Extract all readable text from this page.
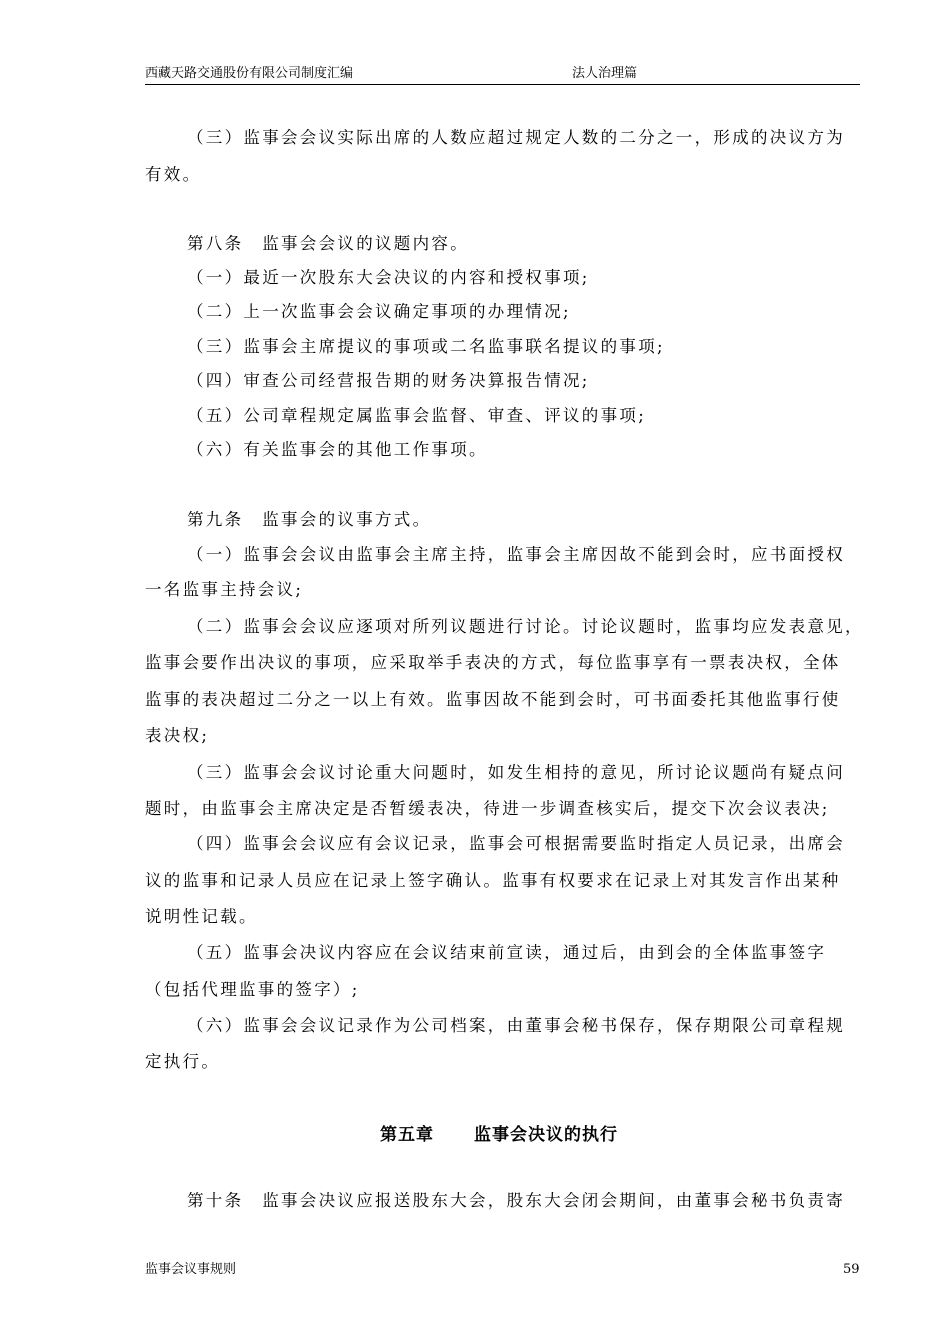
西藏天路交通股份有限公司制度汇编	法人治理篇
（三）监事会会议实际出席的人数应超过规定人数的二分之一，形成的决议方为
有效。
第八条　监事会会议的议题内容。
（一）最近一次股东大会决议的内容和授权事项;
（二）上一次监事会会议确定事项的办理情况;
（三）监事会主席提议的事项或二名监事联名提议的事项;
（四）审查公司经营报告期的财务决算报告情况;
（五）公司章程规定属监事会监督、审查、评议的事项;
（六）有关监事会的其他工作事项。
第九条　监事会的议事方式。
（一）监事会会议由监事会主席主持，监事会主席因故不能到会时，应书面授权
一名监事主持会议;
（二）监事会会议应逐项对所列议题进行讨论。讨论议题时，监事均应发表意见，
监事会要作出决议的事项，应采取举手表决的方式，每位监事享有一票表决权，全体
监事的表决超过二分之一以上有效。监事因故不能到会时，可书面委托其他监事行使
表决权;
（三）监事会会议讨论重大问题时，如发生相持的意见，所讨论议题尚有疑点问
题时，由监事会主席决定是否暂缓表决，待进一步调查核实后，提交下次会议表决;
（四）监事会会议应有会议记录，监事会可根据需要监时指定人员记录，出席会
议的监事和记录人员应在记录上签字确认。监事有权要求在记录上对其发言作出某种
说明性记载。
（五）监事会决议内容应在会议结束前宣读，通过后，由到会的全体监事签字
（包括代理监事的签字）;
（六）监事会会议记录作为公司档案，由董事会秘书保存，保存期限公司章程规
定执行。
第五章 监事会决议的执行
第十条　监事会决议应报送股东大会，股东大会闭会期间，由董事会秘书负责寄
监事会议事规则	59
